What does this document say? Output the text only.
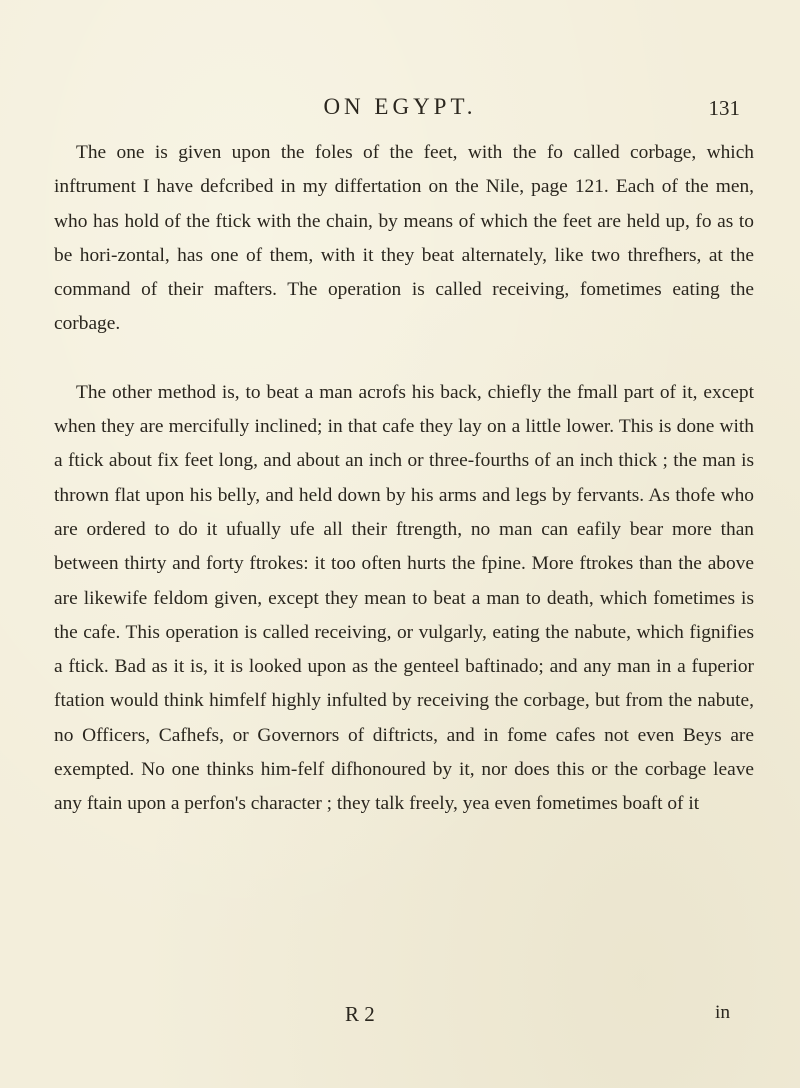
ON EGYPT.	131

The one is given upon the foles of the feet, with the fo called corbage, which inftrument I have defcribed in my differtation on the Nile, page 121. Each of the men, who has hold of the ftick with the chain, by means of which the feet are held up, fo as to be hori-zontal, has one of them, with it they beat alternately, like two threfhers, at the command of their mafters. The operation is called receiving, fometimes eating the corbage.

The other method is, to beat a man acrofs his back, chiefly the fmall part of it, except when they are mercifully inclined; in that cafe they lay on a little lower. This is done with a ftick about fix feet long, and about an inch or three-fourths of an inch thick ; the man is thrown flat upon his belly, and held down by his arms and legs by fervants. As thofe who are ordered to do it ufually ufe all their ftrength, no man can eafily bear more than between thirty and forty ftrokes: it too often hurts the fpine. More ftrokes than the above are likewife feldom given, except they mean to beat a man to death, which fometimes is the cafe. This operation is called receiving, or vulgarly, eating the nabute, which fignifies a ftick. Bad as it is, it is looked upon as the genteel baftinado; and any man in a fuperior ftation would think himfelf highly infulted by receiving the corbage, but from the nabute, no Officers, Cafhefs, or Governors of diftricts, and in fome cafes not even Beys are exempted. No one thinks him-felf difhonoured by it, nor does this or the corbage leave any ftain upon a perfon's character ; they talk freely, yea even fometimes boaft of it

R 2	in
